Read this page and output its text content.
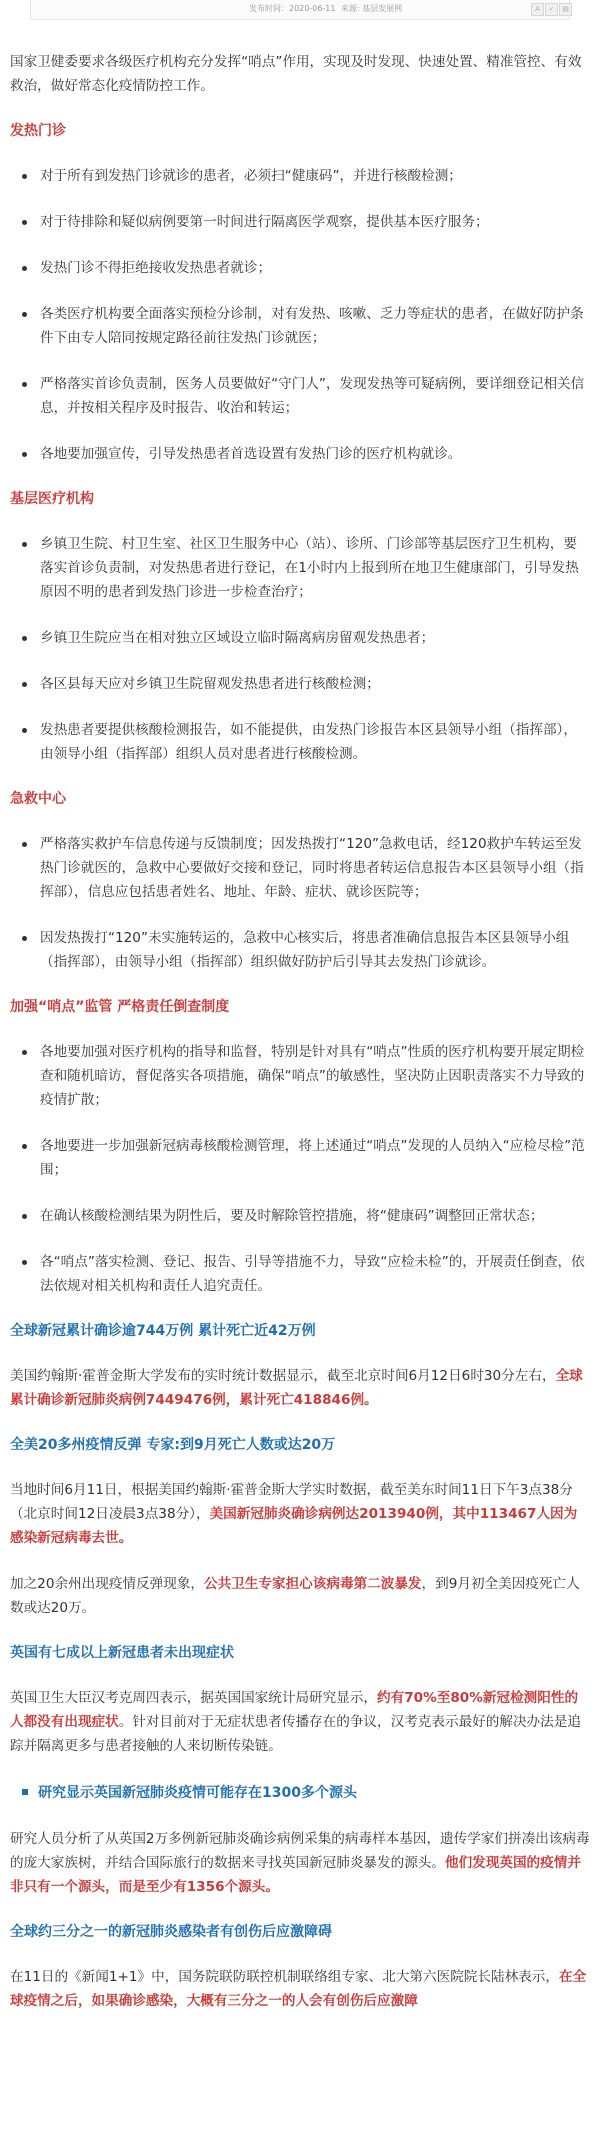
发布时间：2020-06-11 来源: 基层发展网	A	✓	▤

国家卫健委要求各级医疗机构充分发挥“哨点”作用，实现及时发现、快速处置、精准管控、有效救治，做好常态化疫情防控工作。

发热门诊
对于所有到发热门诊就诊的患者，必须扫“健康码”，并进行核酸检测；
对于待排除和疑似病例要第一时间进行隔离医学观察，提供基本医疗服务；
发热门诊不得拒绝接收发热患者就诊；
各类医疗机构要全面落实预检分诊制，对有发热、咳嗽、乏力等症状的患者，在做好防护条件下由专人陪同按规定路径前往发热门诊就医；
严格落实首诊负责制，医务人员要做好“守门人”，发现发热等可疑病例，要详细登记相关信息，并按相关程序及时报告、收治和转运；
各地要加强宣传，引导发热患者首选设置有发热门诊的医疗机构就诊。
基层医疗机构
乡镇卫生院、村卫生室、社区卫生服务中心（站）、诊所、门诊部等基层医疗卫生机构，要落实首诊负责制，对发热患者进行登记，在1小时内上报到所在地卫生健康部门，引导发热原因不明的患者到发热门诊进一步检查治疗；
乡镇卫生院应当在相对独立区域设立临时隔离病房留观发热患者；
各区县每天应对乡镇卫生院留观发热患者进行核酸检测；
发热患者要提供核酸检测报告，如不能提供，由发热门诊报告本区县领导小组（指挥部），由领导小组（指挥部）组织人员对患者进行核酸检测。
急救中心
严格落实救护车信息传递与反馈制度；因发热拨打“120”急救电话，经120救护车转运至发热门诊就医的，急救中心要做好交接和登记，同时将患者转运信息报告本区县领导小组（指挥部），信息应包括患者姓名、地址、年龄、症状、就诊医院等；
因发热拨打“120”未实施转运的，急救中心核实后，将患者准确信息报告本区县领导小组（指挥部），由领导小组（指挥部）组织做好防护后引导其去发热门诊就诊。
加强“哨点”监管 严格责任倒查制度
各地要加强对医疗机构的指导和监督，特别是针对具有“哨点”性质的医疗机构要开展定期检查和随机暗访，督促落实各项措施，确保“哨点”的敏感性，坚决防止因职责落实不力导致的疫情扩散；
各地要进一步加强新冠病毒核酸检测管理，将上述通过“哨点”发现的人员纳入“应检尽检”范围；
在确认核酸检测结果为阴性后，要及时解除管控措施，将“健康码”调整回正常状态；
各“哨点”落实检测、登记、报告、引导等措施不力，导致“应检未检”的，开展责任倒查，依法依规对相关机构和责任人追究责任。
全球新冠累计确诊逾744万例 累计死亡近42万例

美国约翰斯·霍普金斯大学发布的实时统计数据显示，截至北京时间6月12日6时30分左右，全球累计确诊新冠肺炎病例7449476例，累计死亡418846例。

全美20多州疫情反弹 专家:到9月死亡人数或达20万

当地时间6月11日，根据美国约翰斯·霍普金斯大学实时数据，截至美东时间11日下午3点38分（北京时间12日凌晨3点38分），美国新冠肺炎确诊病例达2013940例，其中113467人因为感染新冠病毒去世。

加之20余州出现疫情反弹现象，公共卫生专家担心该病毒第二波暴发，到9月初全美因疫死亡人数或达20万。

英国有七成以上新冠患者未出现症状

英国卫生大臣汉考克周四表示，据英国国家统计局研究显示，约有70%至80%新冠检测阳性的人都没有出现症状。针对目前对于无症状患者传播存在的争议，汉考克表示最好的解决办法是追踪并隔离更多与患者接触的人来切断传染链。

研究显示英国新冠肺炎疫情可能存在1300多个源头

研究人员分析了从英国2万多例新冠肺炎确诊病例采集的病毒样本基因，遗传学家们拼凑出该病毒的庞大家族树，并结合国际旅行的数据来寻找英国新冠肺炎暴发的源头。他们发现英国的疫情并非只有一个源头，而是至少有1356个源头。

全球约三分之一的新冠肺炎感染者有创伤后应激障碍

在11日的《新闻1+1》中，国务院联防联控机制联络组专家、北大第六医院院长陆林表示，在全球疫情之后，如果确诊感染，大概有三分之一的人会有创伤后应激障
